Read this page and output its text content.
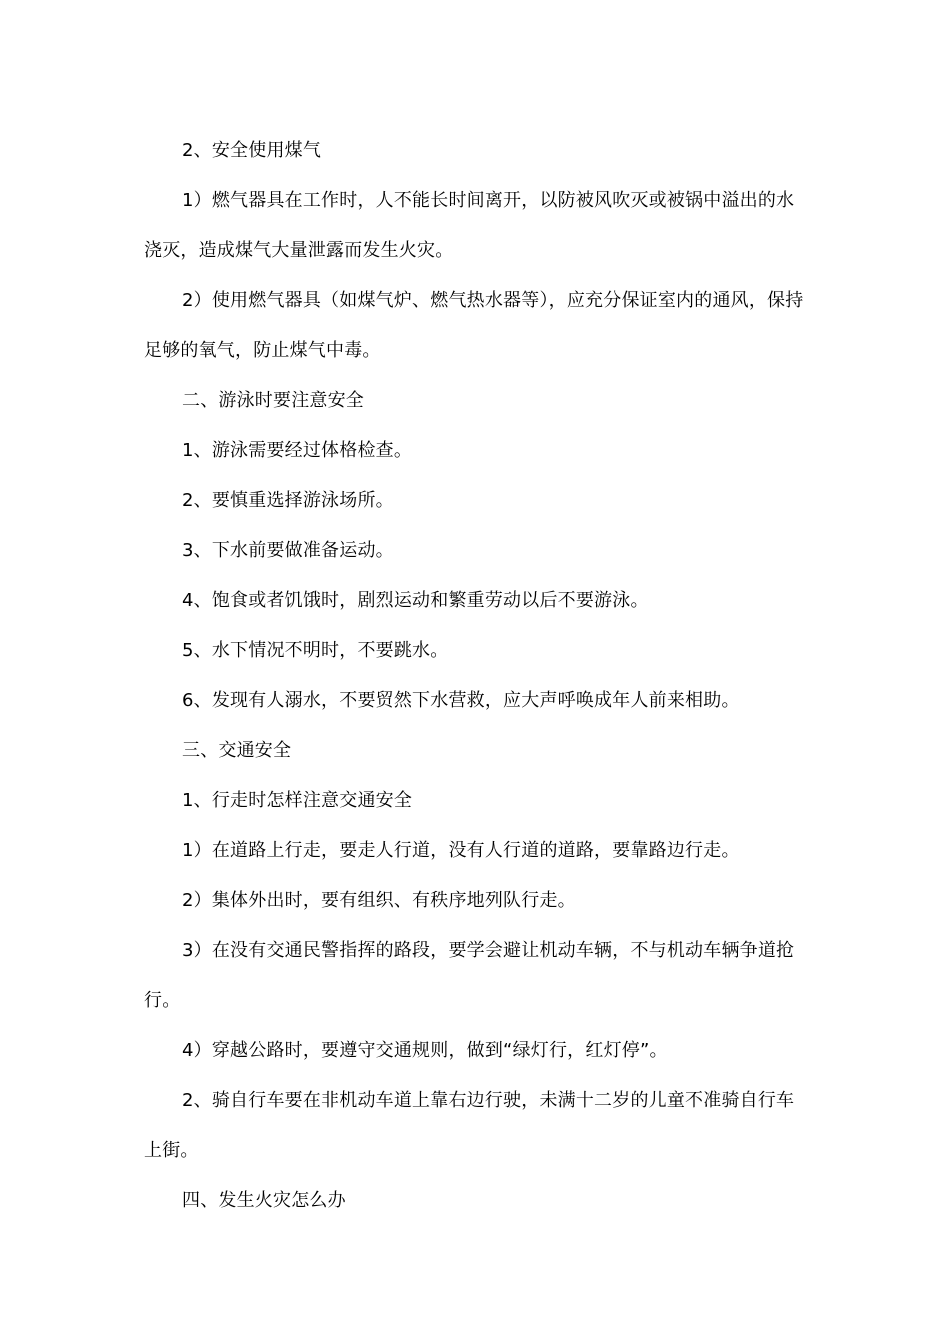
2、安全使用煤气

1）燃气器具在工作时，人不能长时间离开，以防被风吹灭或被锅中溢出的水浇灭，造成煤气大量泄露而发生火灾。

2）使用燃气器具（如煤气炉、燃气热水器等），应充分保证室内的通风，保持足够的氧气，防止煤气中毒。

二、游泳时要注意安全

1、游泳需要经过体格检查。

2、要慎重选择游泳场所。

3、下水前要做准备运动。

4、饱食或者饥饿时，剧烈运动和繁重劳动以后不要游泳。

5、水下情况不明时，不要跳水。

6、发现有人溺水，不要贸然下水营救，应大声呼唤成年人前来相助。

三、交通安全

1、行走时怎样注意交通安全

1）在道路上行走，要走人行道，没有人行道的道路，要靠路边行走。

2）集体外出时，要有组织、有秩序地列队行走。

3）在没有交通民警指挥的路段，要学会避让机动车辆，不与机动车辆争道抢行。

4）穿越公路时，要遵守交通规则，做到“绿灯行，红灯停”。

2、骑自行车要在非机动车道上靠右边行驶，未满十二岁的儿童不准骑自行车上街。

四、发生火灾怎么办
